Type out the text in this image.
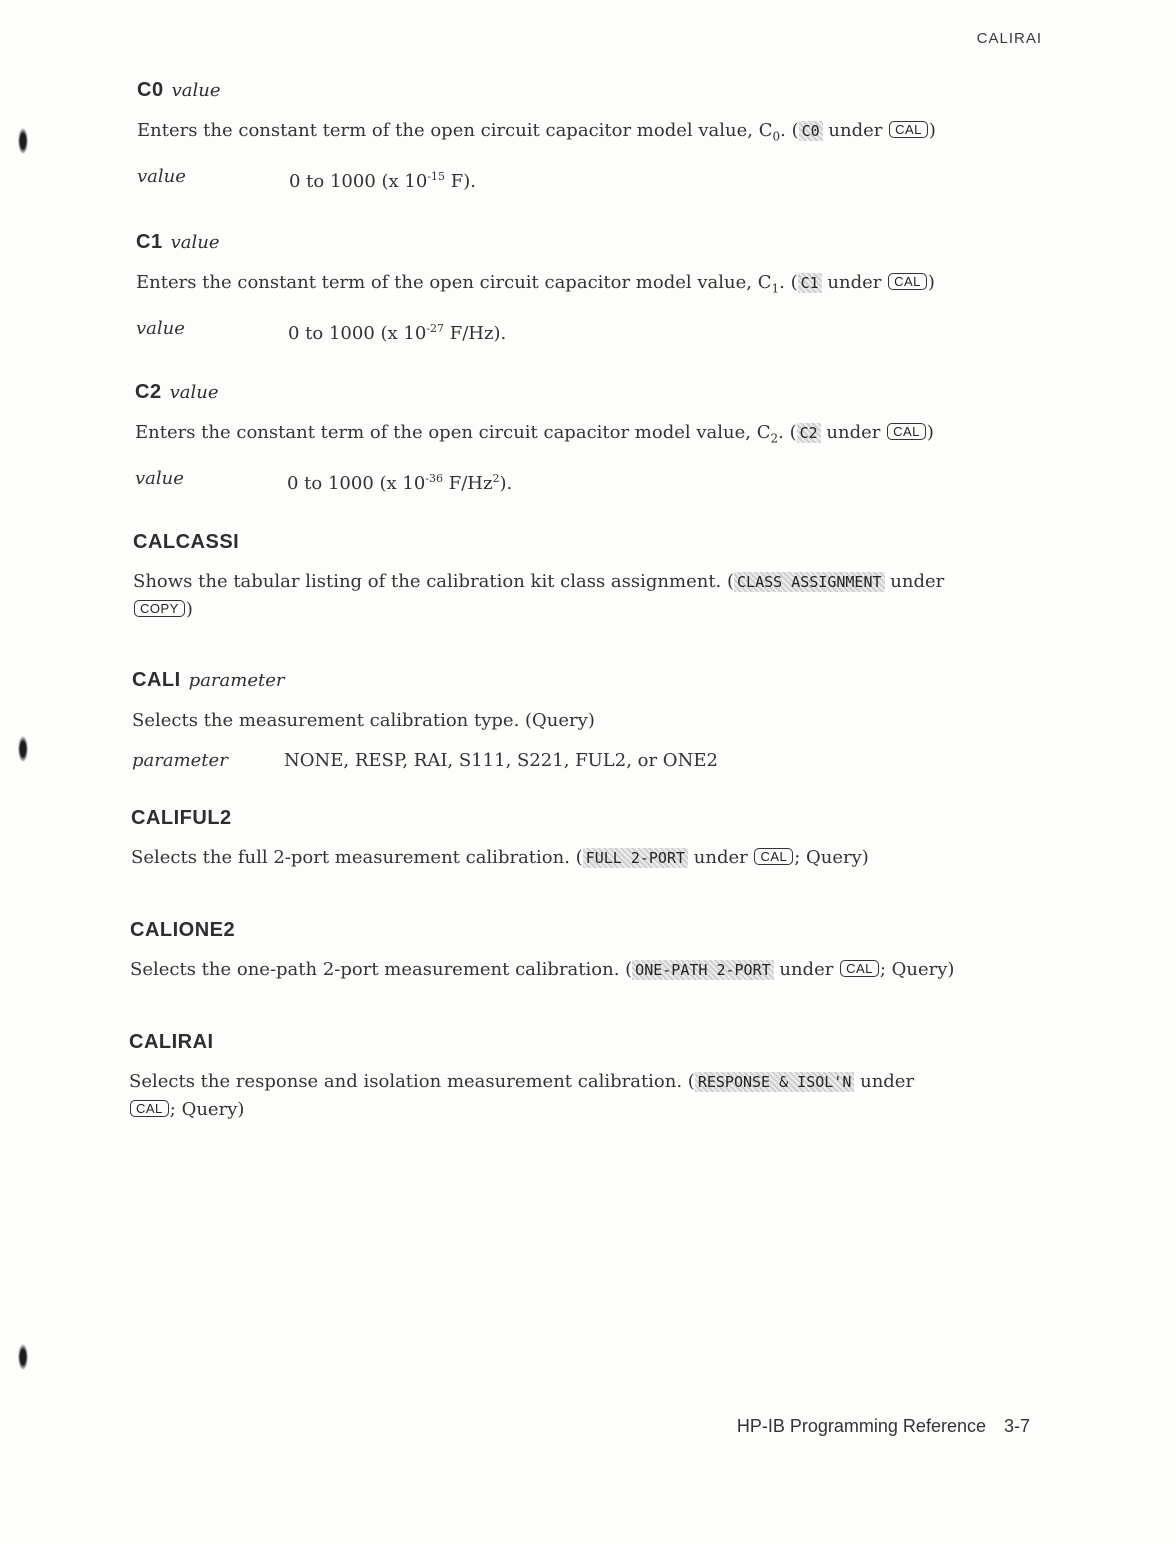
CALIRAI
C0 value
Enters the constant term of the open circuit capacitor model value, $C_0$. ( C0 under CAL )
value	0 to 1000 (x $10^{-15}$ F).
C1 value
Enters the constant term of the open circuit capacitor model value, $C_1$. ( C1 under CAL )
value	0 to 1000 (x $10^{-27}$ F/Hz).
C2 value
Enters the constant term of the open circuit capacitor model value, $C_2$. ( C2 under CAL )
value	0 to 1000 (x $10^{-36}$ F/Hz$^2$).
CALCASSI
Shows the tabular listing of the calibration kit class assignment. ( CLASS ASSIGNMENT under
COPY )
CALI parameter
Selects the measurement calibration type. (Query)
parameter	NONE, RESP, RAI, S111, S221, FUL2, or ONE2
CALIFUL2
Selects the full 2-port measurement calibration. ( FULL 2-PORT under CAL ; Query)
CALIONE2
Selects the one-path 2-port measurement calibration. ( ONE-PATH 2-PORT under CAL ; Query)
CALIRAI
Selects the response and isolation measurement calibration. ( RESPONSE & ISOL'N under
CAL ; Query)
HP-IB Programming Reference 3-7
